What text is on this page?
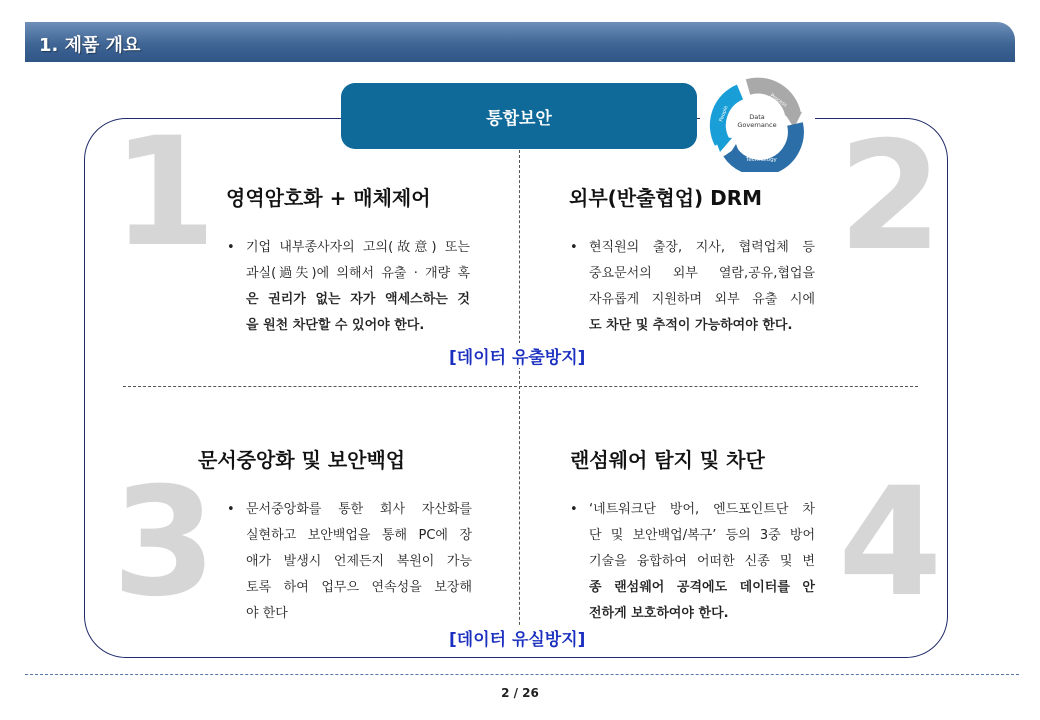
1. 제품 개요
1	2
3	4
통합보안	Data
Governance
People
Process
Technology
영역암호화 + 매체제어	외부(반출협업) DRM
문서중앙화 및 보안백업	랜섬웨어 탐지 및 차단
• 기업 내부종사자의 고의(故意) 또는

과실(過失)에 의해서 유출 · 개량 혹

은 권리가 없는 자가 액세스하는 것

을 원천 차단할 수 있어야 한다.

• 현직원의 출장, 지사, 협력업체 등

중요문서의 외부 열람,공유,협업을

자유롭게 지원하며 외부 유출 시에

도 차단 및 추적이 가능하여야 한다.

• 문서중앙화를 통한 회사 자산화를

실현하고 보안백업을 통해 PC에 장

애가 발생시 언제든지 복원이 가능

토록 하여 업무으 연속성을 보장해

야 한다

• ‘네트워크단 방어, 엔드포인트단 차

단 및 보안백업/복구’ 등의 3중 방어

기술을 융합하여 어떠한 신종 및 변

종 랜섬웨어 공격에도 데이터를 안

전하게 보호하여야 한다.

[데이터 유출방지]
[데이터 유실방지]
2 / 26
